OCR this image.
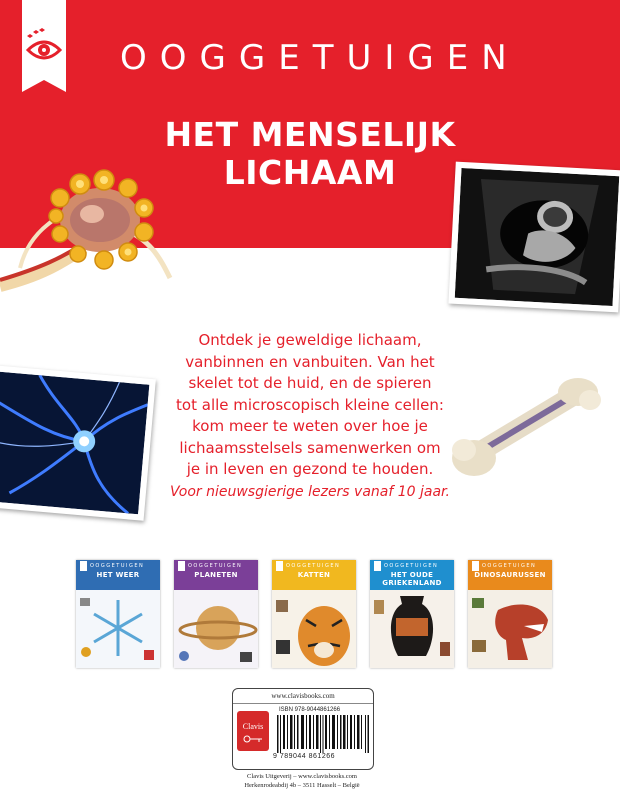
OOGGETUIGEN
HET MENSELIJK
LICHAAM
Ontdek je geweldige lichaam,
vanbinnen en vanbuiten. Van het
skelet tot de huid, en de spieren
tot alle microscopisch kleine cellen:
kom meer te weten over hoe je
lichaamsstelsels samenwerken om
je in leven en gezond te houden.
Voor nieuwsgierige lezers vanaf 10 jaar.
OOGGETUIGEN
HET WEER
OOGGETUIGEN
PLANETEN
OOGGETUIGEN
KATTEN
OOGGETUIGEN
HET OUDE
GRIEKENLAND
OOGGETUIGEN
DINOSAURUSSEN
www.clavisbooks.com
Clavis
ISBN 978-9044861266
9 789044 861266
Clavis Uitgeverij – www.clavisbooks.com
Herkenrodeabdij 4b – 3511 Hasselt – België
